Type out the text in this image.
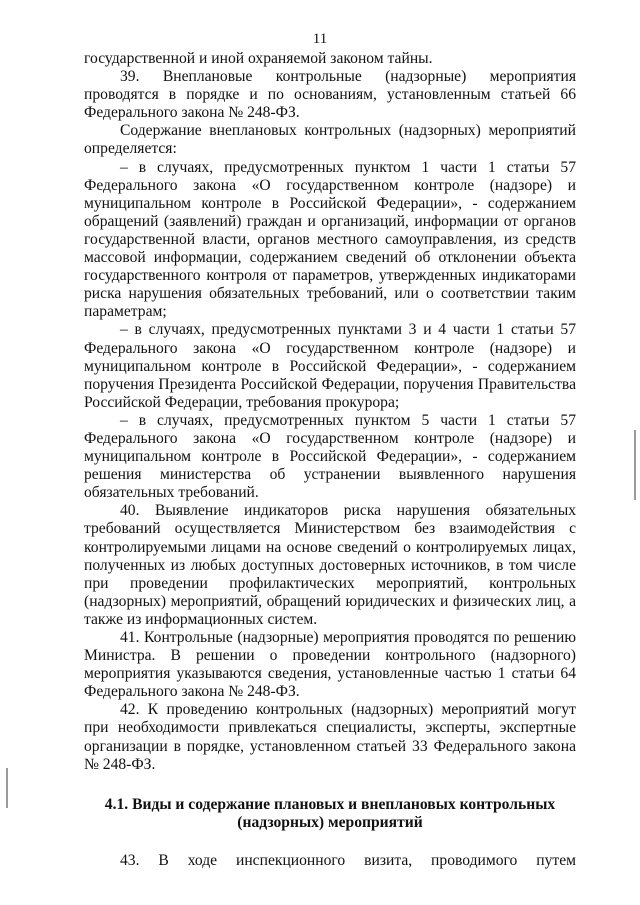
11

государственной и иной охраняемой законом тайны.

39. Внеплановые контрольные (надзорные) мероприятия проводятся в порядке и по основаниям, установленным статьей 66 Федерального закона № 248-ФЗ.

Содержание внеплановых контрольных (надзорных) мероприятий определяется:

– в случаях, предусмотренных пунктом 1 части 1 статьи 57 Федерального закона «О государственном контроле (надзоре) и муниципальном контроле в Российской Федерации», - содержанием обращений (заявлений) граждан и организаций, информации от органов государственной власти, органов местного самоуправления, из средств массовой информации, содержанием сведений об отклонении объекта государственного контроля от параметров, утвержденных индикаторами риска нарушения обязательных требований, или о соответствии таким параметрам;

– в случаях, предусмотренных пунктами 3 и 4 части 1 статьи 57 Федерального закона «О государственном контроле (надзоре) и муниципальном контроле в Российской Федерации», - содержанием поручения Президента Российской Федерации, поручения Правительства Российской Федерации, требования прокурора;

– в случаях, предусмотренных пунктом 5 части 1 статьи 57 Федерального закона «О государственном контроле (надзоре) и муниципальном контроле в Российской Федерации», - содержанием решения министерства об устранении выявленного нарушения обязательных требований.

40. Выявление индикаторов риска нарушения обязательных требований осуществляется Министерством без взаимодействия с контролируемыми лицами на основе сведений о контролируемых лицах, полученных из любых доступных достоверных источников, в том числе при проведении профилактических мероприятий, контрольных (надзорных) мероприятий, обращений юридических и физических лиц, а также из информационных систем.

41. Контрольные (надзорные) мероприятия проводятся по решению Министра. В решении о проведении контрольного (надзорного) мероприятия указываются сведения, установленные частью 1 статьи 64 Федерального закона № 248-ФЗ.

42. К проведению контрольных (надзорных) мероприятий могут при необходимости привлекаться специалисты, эксперты, экспертные организации в порядке, установленном статьей 33 Федерального закона № 248-ФЗ.

4.1. Виды и содержание плановых и внеплановых контрольных
(надзорных) мероприятий

43. В ходе инспекционного визита, проводимого путем
